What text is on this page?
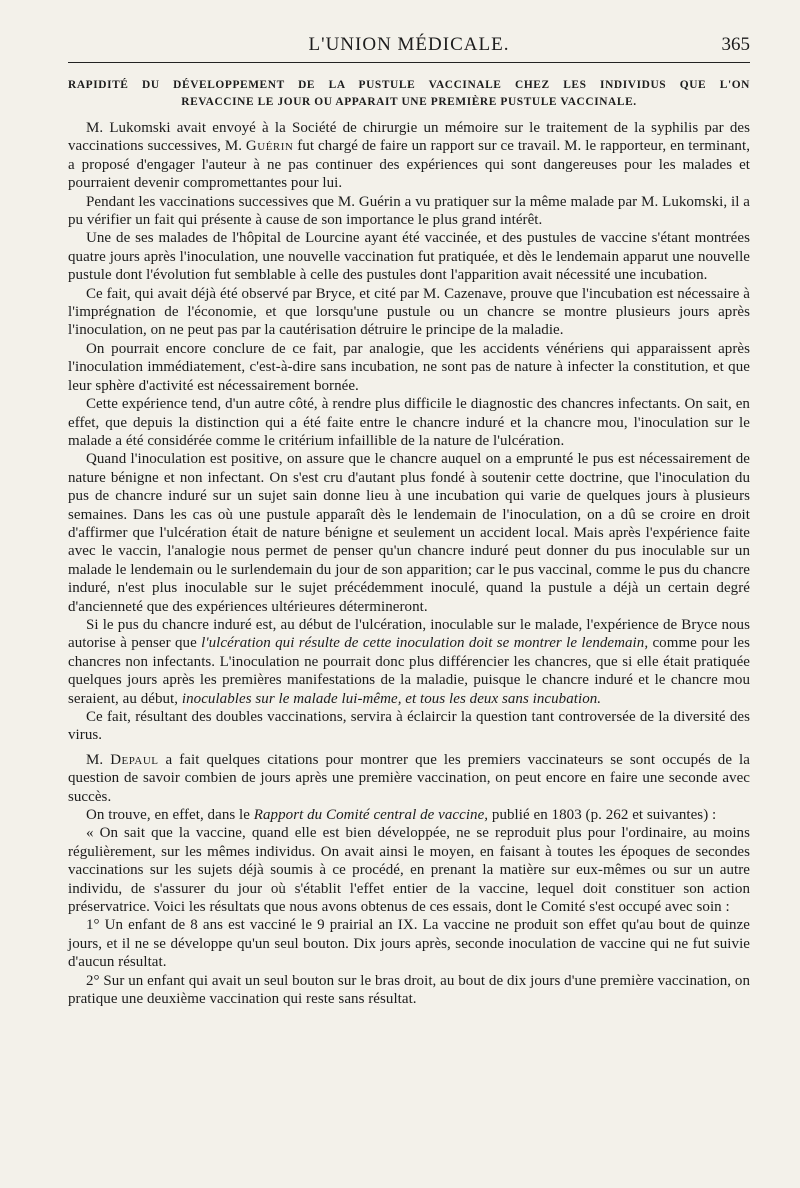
L'UNION MÉDICALE.	365
RAPIDITÉ DU DÉVELOPPEMENT DE LA PUSTULE VACCINALE CHEZ LES INDIVIDUS QUE L'ON
REVACCINE LE JOUR OU APPARAIT UNE PREMIÈRE PUSTULE VACCINALE.

M. Lukomski avait envoyé à la Société de chirurgie un mémoire sur le traitement de la syphilis par des vaccinations successives, M. Guérin fut chargé de faire un rapport sur ce travail. M. le rapporteur, en terminant, a proposé d'engager l'auteur à ne pas continuer des expériences qui sont dangereuses pour les malades et pourraient devenir compromettantes pour lui.

Pendant les vaccinations successives que M. Guérin a vu pratiquer sur la même malade par M. Lukomski, il a pu vérifier un fait qui présente à cause de son importance le plus grand intérêt.

Une de ses malades de l'hôpital de Lourcine ayant été vaccinée, et des pustules de vaccine s'étant montrées quatre jours après l'inoculation, une nouvelle vaccination fut pratiquée, et dès le lendemain apparut une nouvelle pustule dont l'évolution fut semblable à celle des pustules dont l'apparition avait nécessité une incubation.

Ce fait, qui avait déjà été observé par Bryce, et cité par M. Cazenave, prouve que l'incubation est nécessaire à l'imprégnation de l'économie, et que lorsqu'une pustule ou un chancre se montre plusieurs jours après l'inoculation, on ne peut pas par la cautérisation détruire le principe de la maladie.

On pourrait encore conclure de ce fait, par analogie, que les accidents vénériens qui apparaissent après l'inoculation immédiatement, c'est-à-dire sans incubation, ne sont pas de nature à infecter la constitution, et que leur sphère d'activité est nécessairement bornée.

Cette expérience tend, d'un autre côté, à rendre plus difficile le diagnostic des chancres infectants. On sait, en effet, que depuis la distinction qui a été faite entre le chancre induré et la chancre mou, l'inoculation sur le malade a été considérée comme le critérium infaillible de la nature de l'ulcération.

Quand l'inoculation est positive, on assure que le chancre auquel on a emprunté le pus est nécessairement de nature bénigne et non infectant. On s'est cru d'autant plus fondé à soutenir cette doctrine, que l'inoculation du pus de chancre induré sur un sujet sain donne lieu à une incubation qui varie de quelques jours à plusieurs semaines. Dans les cas où une pustule apparaît dès le lendemain de l'inoculation, on a dû se croire en droit d'affirmer que l'ulcération était de nature bénigne et seulement un accident local. Mais après l'expérience faite avec le vaccin, l'analogie nous permet de penser qu'un chancre induré peut donner du pus inoculable sur un malade le lendemain ou le surlendemain du jour de son apparition; car le pus vaccinal, comme le pus du chancre induré, n'est plus inoculable sur le sujet précédemment inoculé, quand la pustule a déjà un certain degré d'ancienneté que des expériences ultérieures détermineront.

Si le pus du chancre induré est, au début de l'ulcération, inoculable sur le malade, l'expérience de Bryce nous autorise à penser que l'ulcération qui résulte de cette inoculation doit se montrer le lendemain, comme pour les chancres non infectants. L'inoculation ne pourrait donc plus différencier les chancres, que si elle était pratiquée quelques jours après les premières manifestations de la maladie, puisque le chancre induré et le chancre mou seraient, au début, inoculables sur le malade lui-même, et tous les deux sans incubation.

Ce fait, résultant des doubles vaccinations, servira à éclaircir la question tant controversée de la diversité des virus.

M. Depaul a fait quelques citations pour montrer que les premiers vaccinateurs se sont occupés de la question de savoir combien de jours après une première vaccination, on peut encore en faire une seconde avec succès.

On trouve, en effet, dans le Rapport du Comité central de vaccine, publié en 1803 (p. 262 et suivantes) :

« On sait que la vaccine, quand elle est bien développée, ne se reproduit plus pour l'ordinaire, au moins régulièrement, sur les mêmes individus. On avait ainsi le moyen, en faisant à toutes les époques de secondes vaccinations sur les sujets déjà soumis à ce procédé, en prenant la matière sur eux-mêmes ou sur un autre individu, de s'assurer du jour où s'établit l'effet entier de la vaccine, lequel doit constituer son action préservatrice. Voici les résultats que nous avons obtenus de ces essais, dont le Comité s'est occupé avec soin :

1° Un enfant de 8 ans est vacciné le 9 prairial an IX. La vaccine ne produit son effet qu'au bout de quinze jours, et il ne se développe qu'un seul bouton. Dix jours après, seconde inoculation de vaccine qui ne fut suivie d'aucun résultat.

2° Sur un enfant qui avait un seul bouton sur le bras droit, au bout de dix jours d'une première vaccination, on pratique une deuxième vaccination qui reste sans résultat.
